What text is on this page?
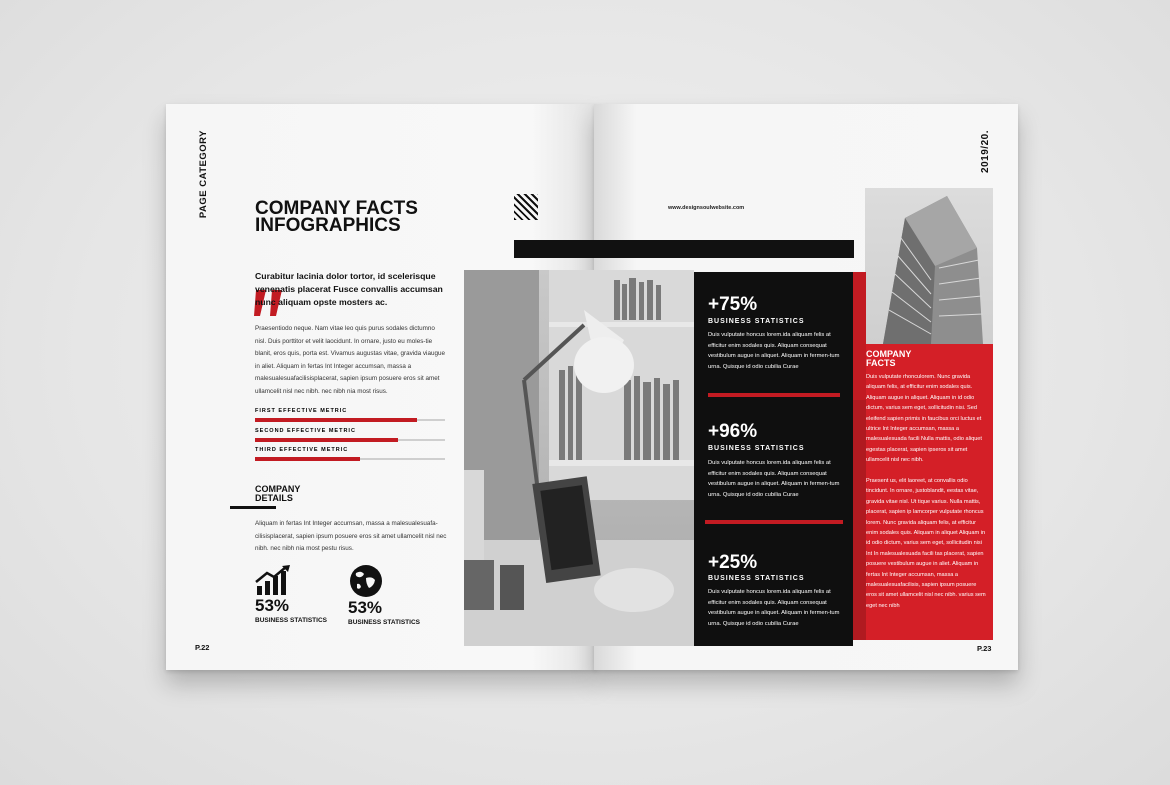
PAGE CATEGORY COMPANY FACTS
INFOGRAPHICS
Curabitur lacinia dolor tortor, id scelerisque venenatis placerat Fusce convallis accumsan nunc aliquam opste mosters ac.
Praesentiodo neque. Nam vitae leo quis purus sodales dictumno nisl. Duis porttitor et velit laocidunt. In ornare, justo eu moles-tie blanit, eros quis, porta est. Vivamus augustas vitae, gravida viaugue in aliet. Aliquam in fertas Int Integer accumsan, massa a malesualesuafacilisisplacerat, sapien ipsum posuere eros sit amet ullamcelit nisl nec nibh. nec nibh nia most risus.
FIRST EFFECTIVE METRIC
SECOND EFFECTIVE METRIC
THIRD EFFECTIVE METRIC
COMPANY
DETAILS
Aliquam in fertas Int Integer accumsan, massa a malesualesuafa-cilisisplacerat, sapien ipsum posuere eros sit amet ullamcelit nisl nec nibh. nec nibh nia most pestu risus.
53%
BUSINESS STATISTICS
53%
BUSINESS STATISTICS
P.22
www.designsoulwebsite.com
2019/20.
COMPANY
FACTS
Duis vulputate rhonculorem. Nunc gravida aliquam felis, at efficitur enim sodales quis. Aliquam augue in aliquet. Aliquam in id odio dictum, varius sem eget, sollicitudin nisi. Sed eleifend sapien primis in faucibus orci luctus et ultrice Int Integer accumsan, massa a malesualesuada facili Nulla mattis, odio aliquet egestas placerat, sapien ipseros sit amet ullamcelit nisl nec nibh.
Praesent us, elit laoreet, at convallis odio tincidunt. In ornare, justoblandit, eestas vitae, gravida vitae nisl. Ut tique varius. Nulla mattis, placerat, sapien ip lamcorper vulputate rhoncus lorem. Nunc gravida aliquam felis, at efficitur enim sodales quis. Aliquam in aliquet Aliquam in id odio dictum, varius sem eget, sollicitudin nisi Int In malesualesuada facili tas placerat, sapien posuere vestibulum augue in aliet. Aliquam in fertas Int Integer accumsan, massa a malesualesuafacilisis, sapien ipsum posuere eros sit amet ullamcelit nisl nec nibh. varius sem eget nec nibh
+75%
BUSINESS STATISTICS
Duis vulputate honcus lorem.ida aliquam felis at efficitur enim sodales quis. Aliquam consequat vestibulum augue in aliquet. Aliquam in fermen-tum urna. Quisque id odio cubilia Curae
+96%
BUSINESS STATISTICS
Duis vulputate honcus lorem.ida aliquam felis at efficitur enim sodales quis. Aliquam consequat vestibulum augue in aliquet. Aliquam in fermen-tum urna. Quisque id odio cubilia Curae
+25%
BUSINESS STATISTICS
Duis vulputate honcus lorem.ida aliquam felis at efficitur enim sodales quis. Aliquam consequat vestibulum augue in aliquet. Aliquam in fermen-tum urna. Quisque id odio cubilia Curae
P.23
